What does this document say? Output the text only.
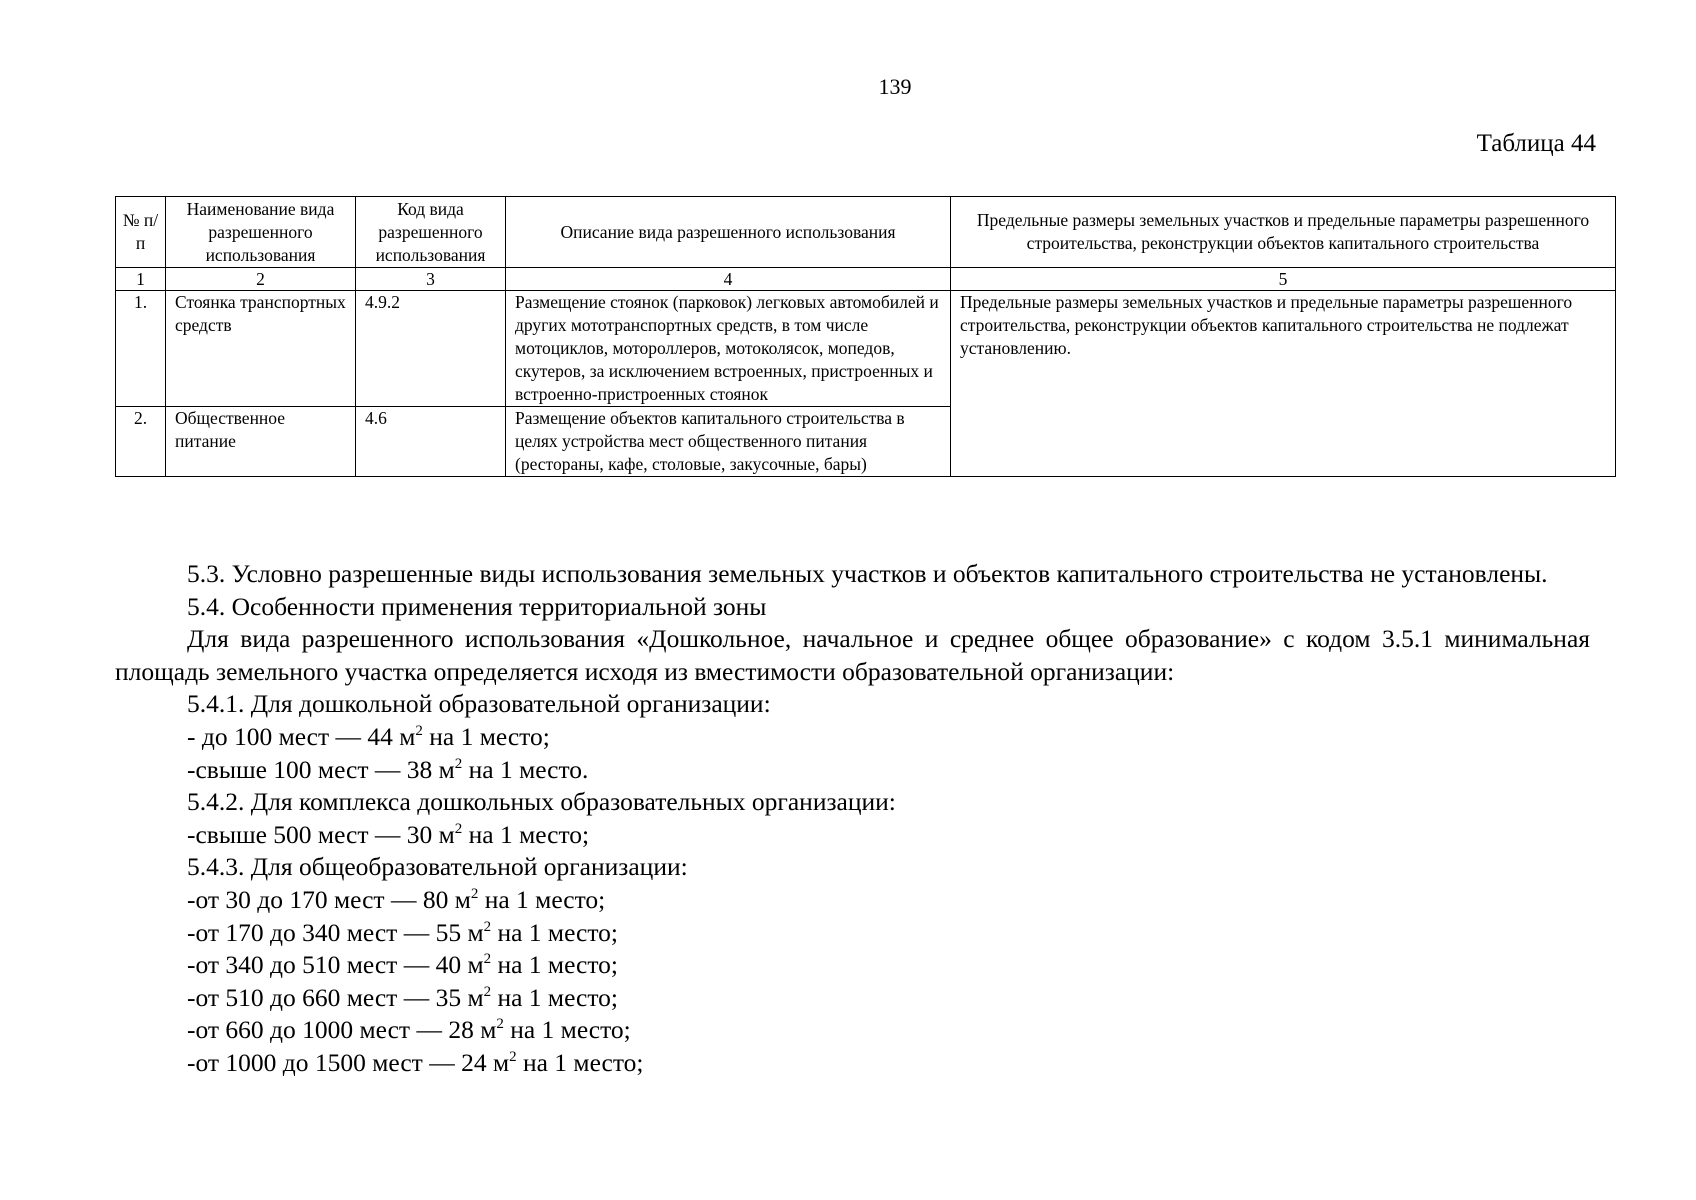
139
Таблица 44
№ п/п	Наименование вида разрешенного использования	Код вида разрешенного использования	Описание вида разрешенного использования	Предельные размеры земельных участков и предельные параметры разрешенного строительства, реконструкции объектов капитального строительства
1	2	3	4	5
1.	Стоянка транспортных средств	4.9.2	Размещение стоянок (парковок) легковых автомобилей и других мототранспортных средств, в том числе мотоциклов, мотороллеров, мотоколясок, мопедов, скутеров, за исключением встроенных, пристроенных и встроенно-пристроенных стоянок	Предельные размеры земельных участков и предельные параметры разрешенного строительства, реконструкции объектов капитального строительства не подлежат установлению.
2.	Общественное питание	4.6	Размещение объектов капитального строительства в целях устройства мест общественного питания (рестораны, кафе, столовые, закусочные, бары)	

5.3. Условно разрешенные виды использования земельных участков и объектов капитального строительства не установлены.

5.4. Особенности применения территориальной зоны

Для вида разрешенного использования «Дошкольное, начальное и среднее общее образование» с кодом 3.5.1 минимальная площадь земельного участка определяется исходя из вместимости образовательной организации:

5.4.1. Для дошкольной образовательной организации:

- до 100 мест — 44 $м^2$ на 1 место;

-свыше 100 мест — 38 $м^2$ на 1 место.

5.4.2. Для комплекса дошкольных образовательных организации:

-свыше 500 мест — 30 $м^2$ на 1 место;

5.4.3. Для общеобразовательной организации:

-от 30 до 170 мест — 80 $м^2$ на 1 место;

-от 170 до 340 мест — 55 $м^2$ на 1 место;

-от 340 до 510 мест — 40 $м^2$ на 1 место;

-от 510 до 660 мест — 35 $м^2$ на 1 место;

-от 660 до 1000 мест — 28 $м^2$ на 1 место;

-от 1000 до 1500 мест — 24 $м^2$ на 1 место;
